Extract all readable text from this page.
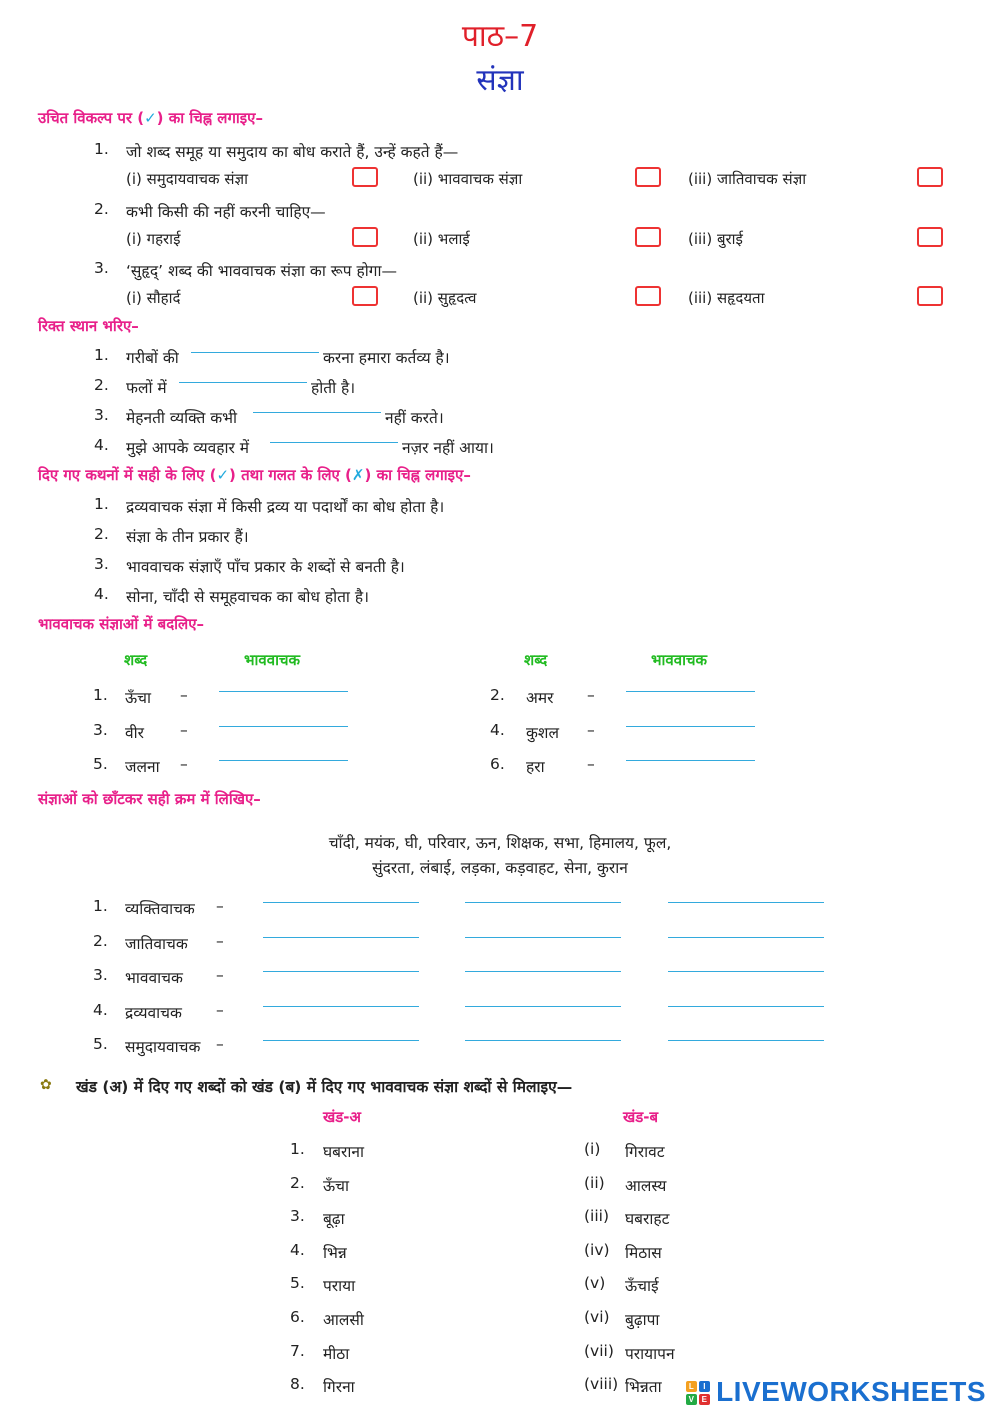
पाठ–7
संज्ञा
उचित विकल्प पर (✓) का चिह्न लगाइए–
1. जो शब्द समूह या समुदाय का बोध कराते हैं, उन्हें कहते हैं—
(i) समुदायवाचक संज्ञा	(ii) भाववाचक संज्ञा	(iii) जातिवाचक संज्ञा
2. कभी किसी की नहीं करनी चाहिए—
(i) गहराई	(ii) भलाई	(iii) बुराई
3. ‘सुहृद्’ शब्द की भाववाचक संज्ञा का रूप होगा—
(i) सौहार्द	(ii) सुहृदत्व	(iii) सहृदयता
रिक्त स्थान भरिए–
1. गरीबों की	करना हमारा कर्तव्य है।
2. फलों में	होती है।
3. मेहनती व्यक्ति कभी	नहीं करते।
4. मुझे आपके व्यवहार में	नज़र नहीं आया।
दिए गए कथनों में सही के लिए (✓) तथा गलत के लिए (✗) का चिह्न लगाइए–
1. द्रव्यवाचक संज्ञा में किसी द्रव्य या पदार्थों का बोध होता है।
2. संज्ञा के तीन प्रकार हैं।
3. भाववाचक संज्ञाएँ पाँच प्रकार के शब्दों से बनती है।
4. सोना, चाँदी से समूहवाचक का बोध होता है।
भाववाचक संज्ञाओं में बदलिए–
शब्द	भाववाचक	शब्द	भाववाचक
1. ऊँचा –	2. अमर –
3. वीर –	4. कुशल –
5. जलना –	6. हरा	–
संज्ञाओं को छाँटकर सही क्रम में लिखिए–
चाँदी, मयंक, घी, परिवार, ऊन, शिक्षक, सभा, हिमालय, फूल,
सुंदरता, लंबाई, लड़का, कड़वाहट, सेना, कुरान
1. व्यक्तिवाचक –
2. जातिवाचक –
3. भाववाचक –
4. द्रव्यवाचक –
5. समुदायवाचक –
✿ खंड (अ) में दिए गए शब्दों को खंड (ब) में दिए गए भाववाचक संज्ञा शब्दों से मिलाइए—
खंड-अ	खंड-ब
1. घबराना	(i) गिरावट
2. ऊँचा	(ii) आलस्य
3. बूढ़ा	(iii) घबराहट
4. भिन्न	(iv) मिठास
5. पराया	(v) ऊँचाई
6. आलसी	(vi) बुढ़ापा
7. मीठा	(vii) परायापन
8. गिरना	(viii) भिन्नता	L	I
V E LIVEWORKSHEETS
